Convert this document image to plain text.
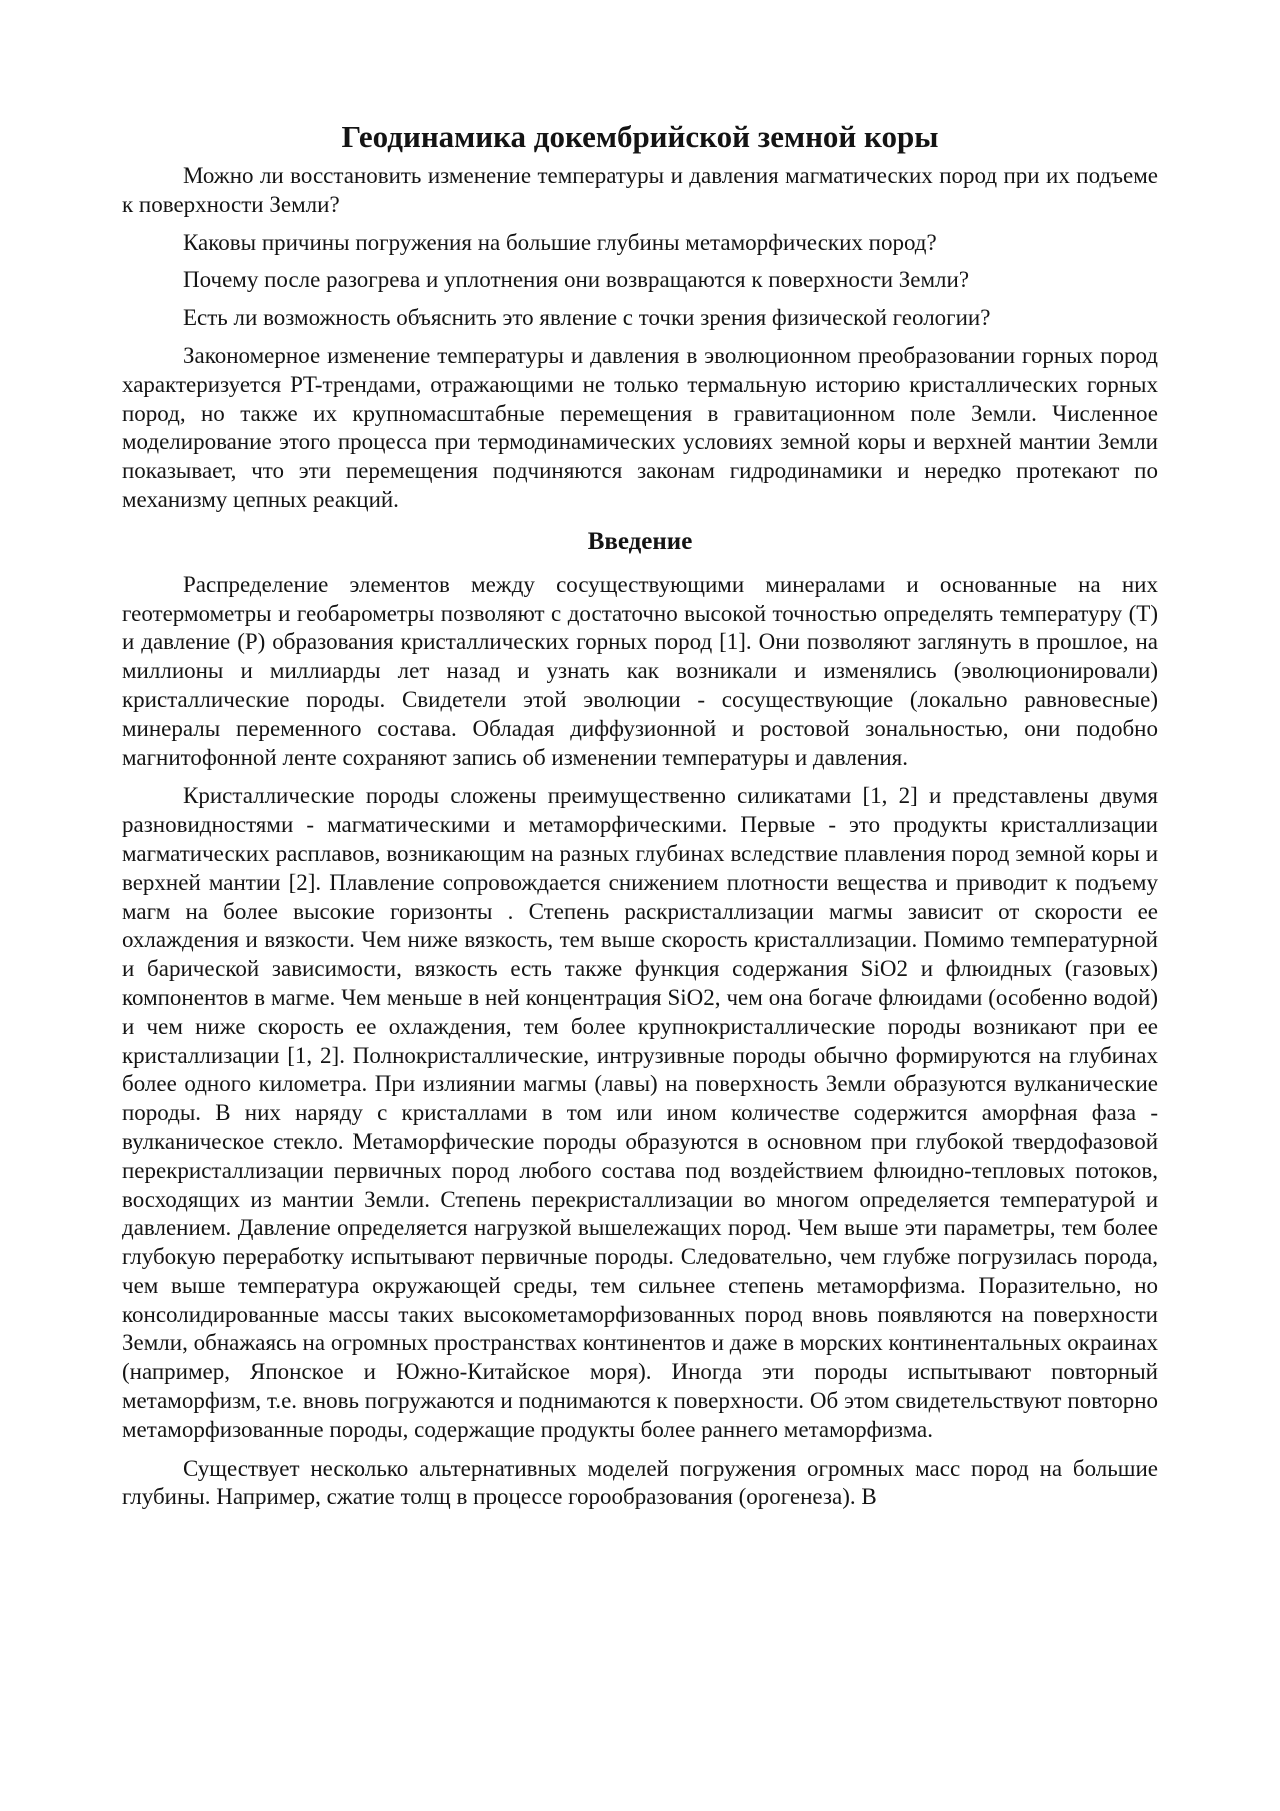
Геодинамика докембрийской земной коры

Можно ли восстановить изменение температуры и давления магматических пород при их подъеме к поверхности Земли?

Каковы причины погружения на большие глубины метаморфических пород?

Почему после разогрева и уплотнения они возвращаются к поверхности Земли?

Есть ли возможность объяснить это явление с точки зрения физической геологии?

Закономерное изменение температуры и давления в эволюционном преобразовании горных пород характеризуется PT-трендами, отражающими не только термальную историю кристаллических горных пород, но также их крупномасштабные перемещения в гравитационном поле Земли. Численное моделирование этого процесса при термодинамических условиях земной коры и верхней мантии Земли показывает, что эти перемещения подчиняются законам гидродинамики и нередко протекают по механизму цепных реакций.

Введение

Распределение элементов между сосуществующими минералами и основанные на них геотермометры и геобарометры позволяют с достаточно высокой точностью определять температуру (Т) и давление (Р) образования кристаллических горных пород [1]. Они позволяют заглянуть в прошлое, на миллионы и миллиарды лет назад и узнать как возникали и изменялись (эволюционировали) кристаллические породы. Свидетели этой эволюции - сосуществующие (локально равновесные) минералы переменного состава. Обладая диффузионной и ростовой зональностью, они подобно магнитофонной ленте сохраняют запись об изменении температуры и давления.

Кристаллические породы сложены преимущественно силикатами [1, 2] и представлены двумя разновидностями - магматическими и метаморфическими. Первые - это продукты кристаллизации магматических расплавов, возникающим на разных глубинах вследствие плавления пород земной коры и верхней мантии [2]. Плавление сопровождается снижением плотности вещества и приводит к подъему магм на более высокие горизонты . Степень раскристаллизации магмы зависит от скорости ее охлаждения и вязкости. Чем ниже вязкость, тем выше скорость кристаллизации. Помимо температурной и барической зависимости, вязкость есть также функция содержания SiO2 и флюидных (газовых) компонентов в магме. Чем меньше в ней концентрация SiO2, чем она богаче флюидами (особенно водой) и чем ниже скорость ее охлаждения, тем более крупнокристаллические породы возникают при ее кристаллизации [1, 2]. Полнокристаллические, интрузивные породы обычно формируются на глубинах более одного километра. При излиянии магмы (лавы) на поверхность Земли образуются вулканические породы. В них наряду с кристаллами в том или ином количестве содержится аморфная фаза - вулканическое стекло. Метаморфические породы образуются в основном при глубокой твердофазовой перекристаллизации первичных пород любого состава под воздействием флюидно-тепловых потоков, восходящих из мантии Земли. Степень перекристаллизации во многом определяется температурой и давлением. Давление определяется нагрузкой вышележащих пород. Чем выше эти параметры, тем более глубокую переработку испытывают первичные породы. Следовательно, чем глубже погрузилась порода, чем выше температура окружающей среды, тем сильнее степень метаморфизма. Поразительно, но консолидированные массы таких высокометаморфизованных пород вновь появляются на поверхности Земли, обнажаясь на огромных пространствах континентов и даже в морских континентальных окраинах (например, Японское и Южно-Китайское моря). Иногда эти породы испытывают повторный метаморфизм, т.е. вновь погружаются и поднимаются к поверхности. Об этом свидетельствуют повторно метаморфизованные породы, содержащие продукты более раннего метаморфизма.

Существует несколько альтернативных моделей погружения огромных масс пород на большие глубины. Например, сжатие толщ в процессе горообразования (орогенеза). В
